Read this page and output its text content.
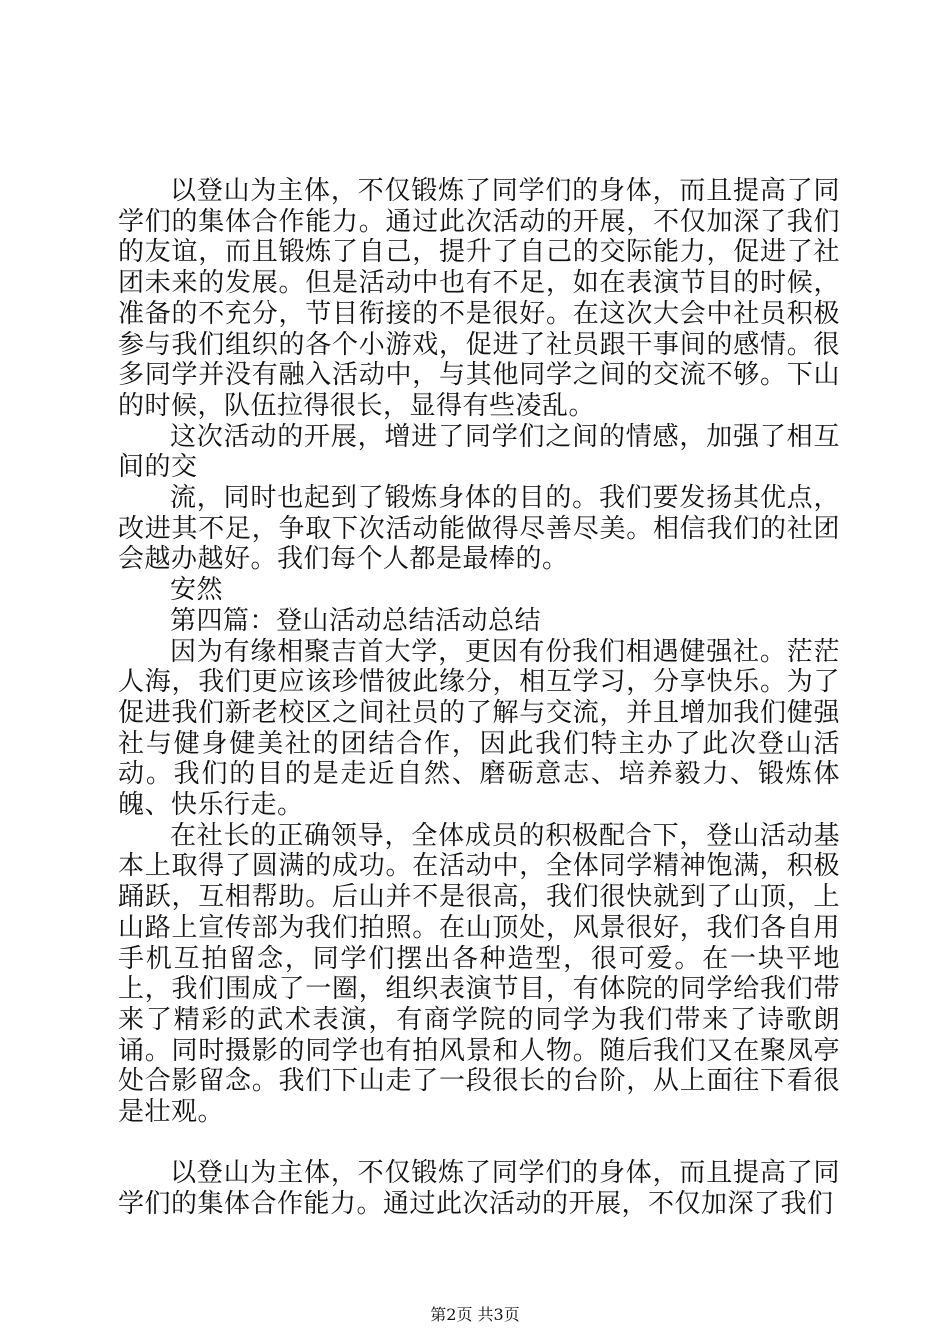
以登山为主体，不仅锻炼了同学们的身体，而且提高了同学们的集体合作能力。通过此次活动的开展，不仅加深了我们的友谊，而且锻炼了自己，提升了自己的交际能力，促进了社团未来的发展。但是活动中也有不足，如在表演节目的时候，准备的不充分，节目衔接的不是很好。在这次大会中社员积极参与我们组织的各个小游戏，促进了社员跟干事间的感情。很多同学并没有融入活动中，与其他同学之间的交流不够。下山的时候，队伍拉得很长，显得有些凌乱。

这次活动的开展，增进了同学们之间的情感，加强了相互间的交

流，同时也起到了锻炼身体的目的。我们要发扬其优点，改进其不足，争取下次活动能做得尽善尽美。相信我们的社团会越办越好。我们每个人都是最棒的。

安然

第四篇：登山活动总结活动总结

因为有缘相聚吉首大学，更因有份我们相遇健强社。茫茫人海，我们更应该珍惜彼此缘分，相互学习，分享快乐。为了促进我们新老校区之间社员的了解与交流，并且增加我们健强社与健身健美社的团结合作，因此我们特主办了此次登山活动。我们的目的是走近自然、磨砺意志、培养毅力、锻炼体魄、快乐行走。

在社长的正确领导，全体成员的积极配合下，登山活动基本上取得了圆满的成功。在活动中，全体同学精神饱满，积极踊跃，互相帮助。后山并不是很高，我们很快就到了山顶，上山路上宣传部为我们拍照。在山顶处，风景很好，我们各自用手机互拍留念，同学们摆出各种造型，很可爱。在一块平地上，我们围成了一圈，组织表演节目，有体院的同学给我们带来了精彩的武术表演，有商学院的同学为我们带来了诗歌朗诵。同时摄影的同学也有拍风景和人物。随后我们又在聚凤亭处合影留念。我们下山走了一段很长的台阶，从上面往下看很是壮观。

以登山为主体，不仅锻炼了同学们的身体，而且提高了同学们的集体合作能力。通过此次活动的开展，不仅加深了我们

第2页 共3页
